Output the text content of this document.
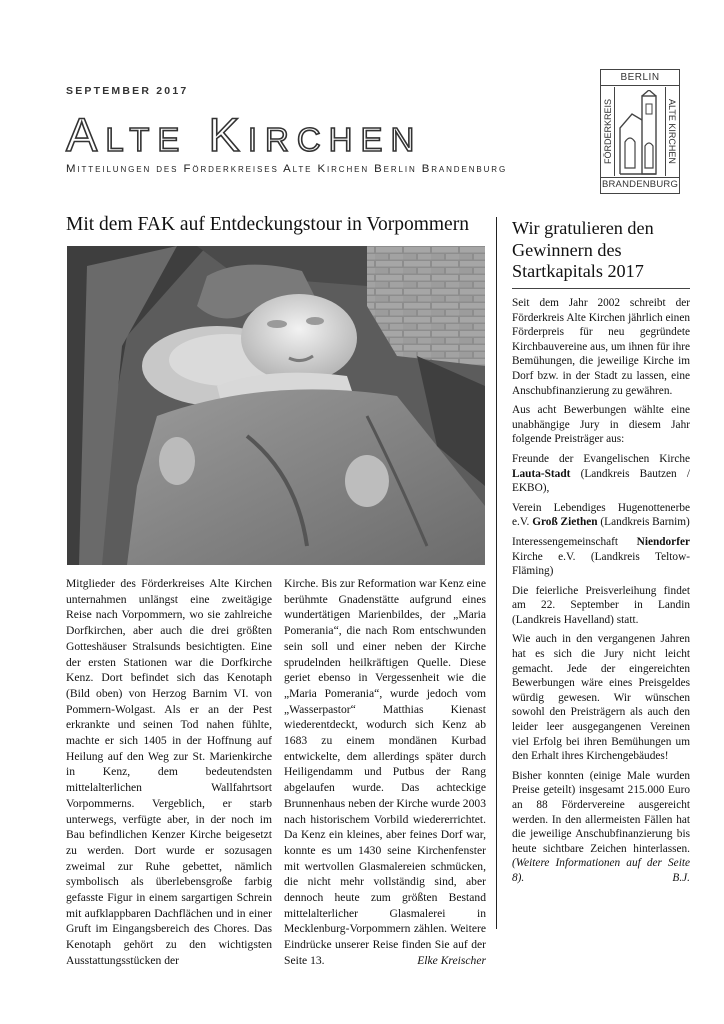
SEPTEMBER 2017
Alte Kirchen
Mitteilungen des Förderkreises Alte Kirchen Berlin Brandenburg
BERLIN
FÖRDERKREIS	ALTE KIRCHEN
BRANDENBURG
Mit dem FAK auf Entdeckungstour in Vorpommern
Mitglieder des Förderkreises Alte Kirchen unternahmen unlängst eine zweitägige Reise nach Vorpommern, wo sie zahlreiche Dorfkirchen, aber auch die drei größten Gotteshäuser Stralsunds besichtigten. Eine der ersten Stationen war die Dorfkirche Kenz. Dort befindet sich das Kenotaph (Bild oben) von Herzog Barnim VI. von Pommern-Wolgast. Als er an der Pest erkrankte und seinen Tod nahen fühlte, machte er sich 1405 in der Hoffnung auf Heilung auf den Weg zur St. Marienkirche in Kenz, dem bedeutendsten mittelalterlichen Wallfahrtsort Vorpommerns. Vergeblich, er starb unterwegs, verfügte aber, in der noch im Bau befindlichen Kenzer Kirche beigesetzt zu werden. Dort wurde er sozusagen zweimal zur Ruhe gebettet, nämlich symbolisch als überlebensgroße farbig gefasste Figur in einem sargartigen Schrein mit aufklappbaren Dachflächen und in einer Gruft im Eingangsbereich des Chores. Das Kenotaph gehört zu den wichtigsten Ausstattungsstücken der
Kirche. Bis zur Reformation war Kenz eine berühmte Gnadenstätte aufgrund eines wundertätigen Marienbildes, der „Maria Pomerania“, die nach Rom entschwunden sein soll und einer neben der Kirche sprudelnden heilkräftigen Quelle. Diese geriet ebenso in Vergessenheit wie die „Maria Pomerania“, wurde jedoch vom „Wasserpastor“ Matthias Kienast wiederentdeckt, wodurch sich Kenz ab 1683 zu einem mondänen Kurbad entwickelte, dem allerdings später durch Heiligendamm und Putbus der Rang abgelaufen wurde. Das achteckige Brunnenhaus neben der Kirche wurde 2003 nach historischem Vorbild wiedererrichtet. Da Kenz ein kleines, aber feines Dorf war, konnte es um 1430 seine Kirchenfenster mit wertvollen Glasmalereien schmücken, die nicht mehr vollständig sind, aber dennoch heute zum größten Bestand mittelalterlicher Glasmalerei in Mecklenburg-Vorpommern zählen. Weitere Eindrücke unserer Reise finden Sie auf der Seite 13.	Elke Kreischer
Wir gratulieren den Gewinnern des Startkapitals 2017

Seit dem Jahr 2002 schreibt der Förderkreis Alte Kirchen jährlich einen Förderpreis für neu gegründete Kirchbauvereine aus, um ihnen für ihre Bemühungen, die jeweilige Kirche im Dorf bzw. in der Stadt zu lassen, eine Anschubfinanzierung zu gewähren.

Aus acht Bewerbungen wählte eine unabhängige Jury in diesem Jahr folgende Preisträger aus:

Freunde der Evangelischen Kirche Lauta-Stadt (Landkreis Bautzen / EKBO),

Verein Lebendiges Hugenottenerbe e.V. Groß Ziethen (Landkreis Barnim)

Interessengemeinschaft Niendorfer Kirche e.V. (Landkreis Teltow-Fläming)

Die feierliche Preisverleihung findet am 22. September in Landin (Landkreis Havelland) statt.

Wie auch in den vergangenen Jahren hat es sich die Jury nicht leicht gemacht. Jede der eingereichten Bewerbungen wäre eines Preisgeldes würdig gewesen. Wir wünschen sowohl den Preisträgern als auch den leider leer ausgegangenen Vereinen viel Erfolg bei ihren Bemühungen um den Erhalt ihres Kirchengebäudes!

Bisher konnten (einige Male wurden Preise geteilt) insgesamt 215.000 Euro an 88 Fördervereine ausgereicht werden. In den allermeisten Fällen hat die jeweilige Anschubfinanzierung bis heute sichtbare Zeichen hinterlassen. (Weitere Informationen auf der Seite 8).	B.J.
